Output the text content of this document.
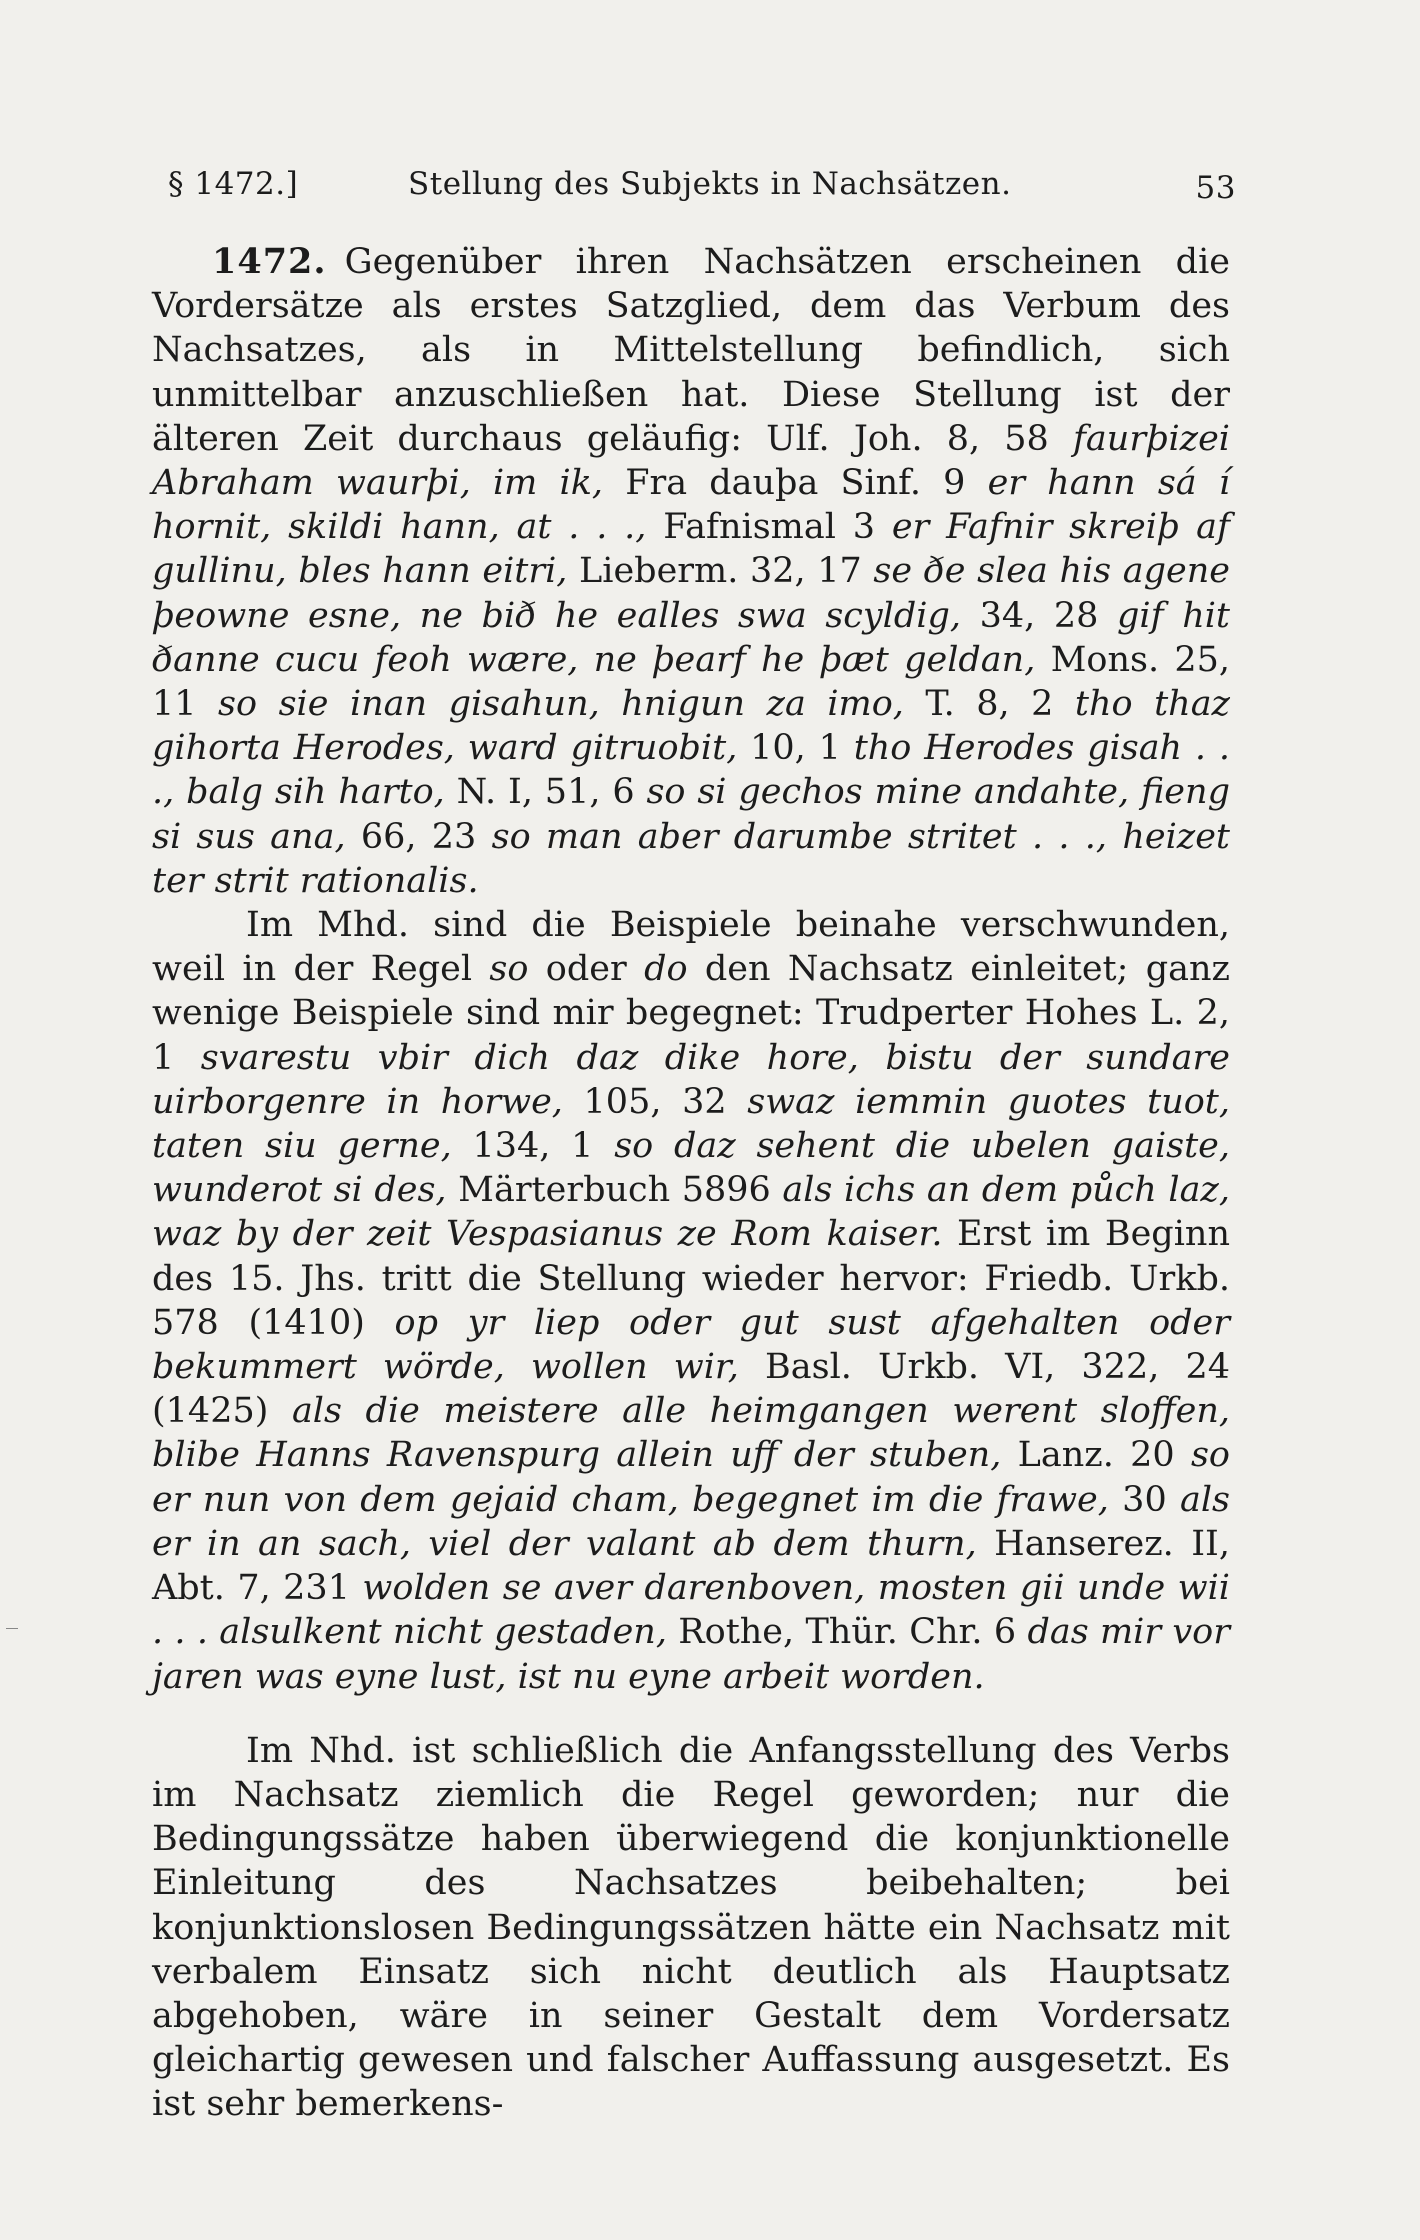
§ 1472.]	Stellung des Subjekts in Nachsätzen.	53

1472. Gegenüber ihren Nachsätzen erscheinen die Vordersätze als erstes Satzglied, dem das Verbum des Nachsatzes, als in Mittelstellung befindlich, sich unmittelbar anzuschließen hat. Diese Stellung ist der älteren Zeit durchaus geläufig: Ulf. Joh. 8, 58 faurþizei Abraham waurþi, im ik, Fra dauþa Sinf. 9 er hann sá í hornit, skildi hann, at . . ., Fafnismal 3 er Fafnir skreiþ af gullinu, bles hann eitri, Lieberm. 32, 17 se ðe slea his agene þeowne esne, ne bið he ealles swa scyldig, 34, 28 gif hit ðanne cucu feoh wære, ne þearf he þæt geldan, Mons. 25, 11 so sie inan gisahun, hnigun za imo, T. 8, 2 tho thaz gihorta Herodes, ward gitruobit, 10, 1 tho Herodes gisah . . ., balg sih harto, N. I, 51, 6 so si gechos mine andahte, fieng si sus ana, 66, 23 so man aber darumbe stritet . . ., heizet ter strit rationalis.

Im Mhd. sind die Beispiele beinahe verschwunden, weil in der Regel so oder do den Nachsatz einleitet; ganz wenige Beispiele sind mir begegnet: Trudperter Hohes L. 2, 1 svarestu vbir dich daz dike hore, bistu der sundare uirborgenre in horwe, 105, 32 swaz iemmin guotes tuot, taten siu gerne, 134, 1 so daz sehent die ubelen gaiste, wunderot si des, Märterbuch 5896 als ichs an dem půch laz, waz by der zeit Vespasianus ze Rom kaiser. Erst im Beginn des 15. Jhs. tritt die Stellung wieder hervor: Friedb. Urkb. 578 (1410) op yr liep oder gut sust afgehalten oder bekummert wörde, wollen wir, Basl. Urkb. VI, 322, 24 (1425) als die meistere alle heimgangen werent sloffen, blibe Hanns Ravenspurg allein uff der stuben, Lanz. 20 so er nun von dem gejaid cham, begegnet im die frawe, 30 als er in an sach, viel der valant ab dem thurn, Hanserez. II, Abt. 7, 231 wolden se aver darenboven, mosten gii unde wii . . . alsulkent nicht gestaden, Rothe, Thür. Chr. 6 das mir vor jaren was eyne lust, ist nu eyne arbeit worden.

Im Nhd. ist schließlich die Anfangsstellung des Verbs im Nachsatz ziemlich die Regel geworden; nur die Bedingungssätze haben überwiegend die konjunktionelle Einleitung des Nachsatzes beibehalten; bei konjunktionslosen Bedingungssätzen hätte ein Nachsatz mit verbalem Einsatz sich nicht deutlich als Hauptsatz abgehoben, wäre in seiner Gestalt dem Vordersatz gleichartig gewesen und falscher Auffassung ausgesetzt. Es ist sehr bemerkens-
